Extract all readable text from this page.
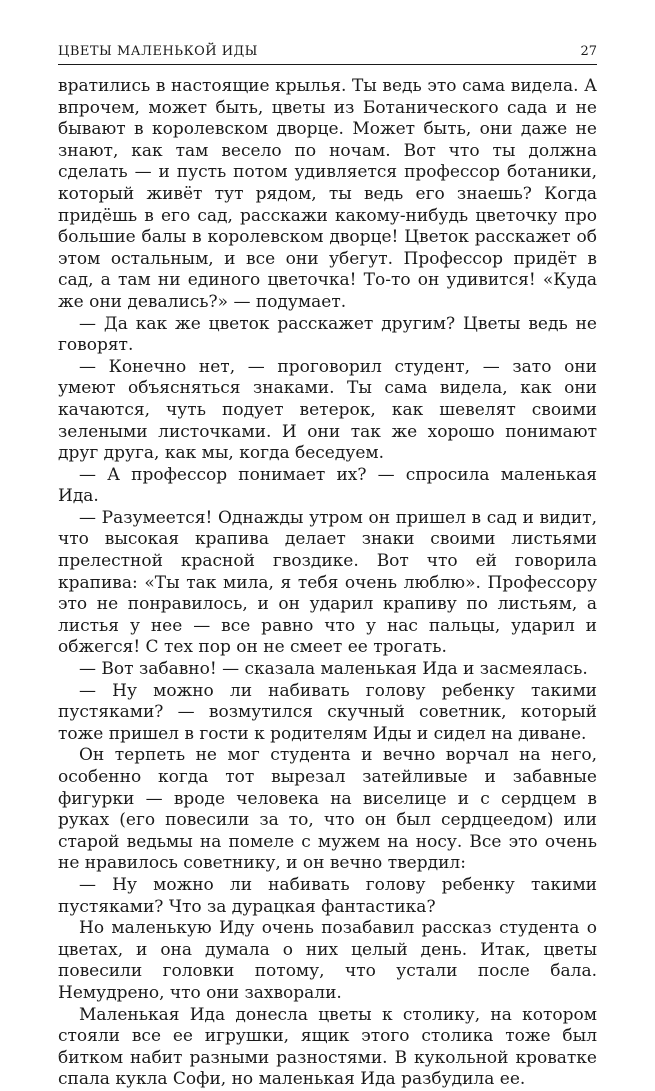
ЦВЕТЫ МАЛЕНЬКОЙ ИДЫ	27

вратились в настоящие крылья. Ты ведь это сама видела. А впрочем, может быть, цветы из Ботанического сада и не бывают в королевском дворце. Может быть, они даже не знают, как там весело по ночам. Вот что ты должна сделать — и пусть потом удивляется профессор ботаники, который живёт тут рядом, ты ведь его знаешь? Когда придёшь в его сад, расскажи какому-нибудь цветочку про большие балы в королевском дворце! Цветок расскажет об этом остальным, и все они убегут. Профессор придёт в сад, а там ни единого цветочка! То-то он удивится! «Куда же они девались?» — подумает.

— Да как же цветок расскажет другим? Цветы ведь не говорят.

— Конечно нет, — проговорил студент, — зато они умеют объясняться знаками. Ты сама видела, как они качаются, чуть подует ветерок, как шевелят своими зелеными листочками. И они так же хорошо понимают друг друга, как мы, когда беседуем.

— А профессор понимает их? — спросила маленькая Ида.

— Разумеется! Однажды утром он пришел в сад и видит, что высокая крапива делает знаки своими листьями прелестной красной гвоздике. Вот что ей говорила крапива: «Ты так мила, я тебя очень люблю». Профессору это не понравилось, и он ударил крапиву по листьям, а листья у нее — все равно что у нас пальцы, ударил и обжегся! С тех пор он не смеет ее трогать.

— Вот забавно! — сказала маленькая Ида и засмеялась.

— Ну можно ли набивать голову ребенку такими пустяками? — возмутился скучный советник, который тоже пришел в гости к родителям Иды и сидел на диване.

Он терпеть не мог студента и вечно ворчал на него, особенно когда тот вырезал затейливые и забавные фигурки — вроде человека на виселице и с сердцем в руках (его повесили за то, что он был сердцеедом) или старой ведьмы на помеле с мужем на носу. Все это очень не нравилось советнику, и он вечно твердил:

— Ну можно ли набивать голову ребенку такими пустяками? Что за дурацкая фантастика?

Но маленькую Иду очень позабавил рассказ студента о цветах, и она думала о них целый день. Итак, цветы повесили головки потому, что устали после бала. Немудрено, что они захворали.

Маленькая Ида донесла цветы к столику, на котором стояли все ее игрушки, ящик этого столика тоже был битком набит разными разностями. В кукольной кроватке спала кукла Софи, но маленькая Ида разбудила ее.
